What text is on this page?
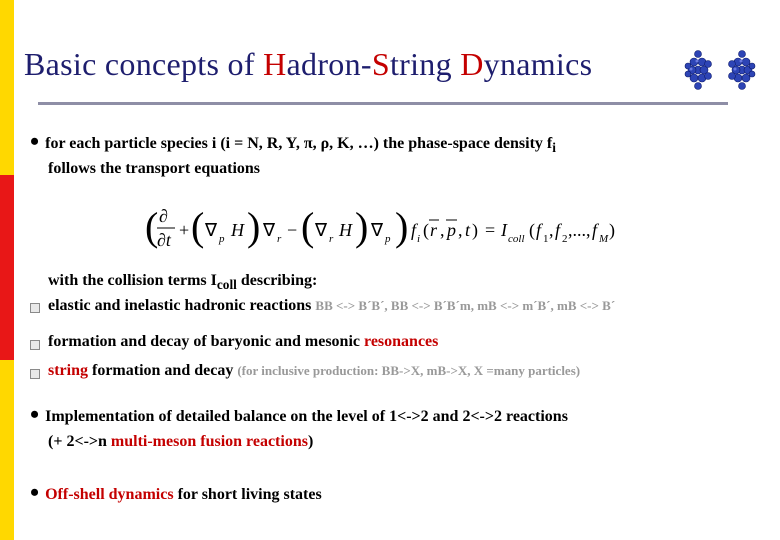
Basic concepts of Hadron-String Dynamics
• for each particle species i (i = N, R, Y, π, ρ, K, …) the phase-space density $f_i$
follows the transport equations
( ∂
∂t + ( ∇ p H ) ∇ r − ( ∇ r H ) ∇ p ) f i ( r , p , t ) = I coll ( f 1 , f 2 ,..., f M )
with the collision terms $I_{coll}$ describing:
elastic and inelastic hadronic reactions BB <-> B´B´, BB <-> B´B´m, mB <-> m´B´, mB <-> B´
formation and decay of baryonic and mesonic resonances
string formation and decay (for inclusive production: BB->X, mB->X, X =many particles)
• Implementation of detailed balance on the level of 1<->2 and 2<->2 reactions
(+ 2<->n multi-meson fusion reactions)
• Off-shell dynamics for short living states
